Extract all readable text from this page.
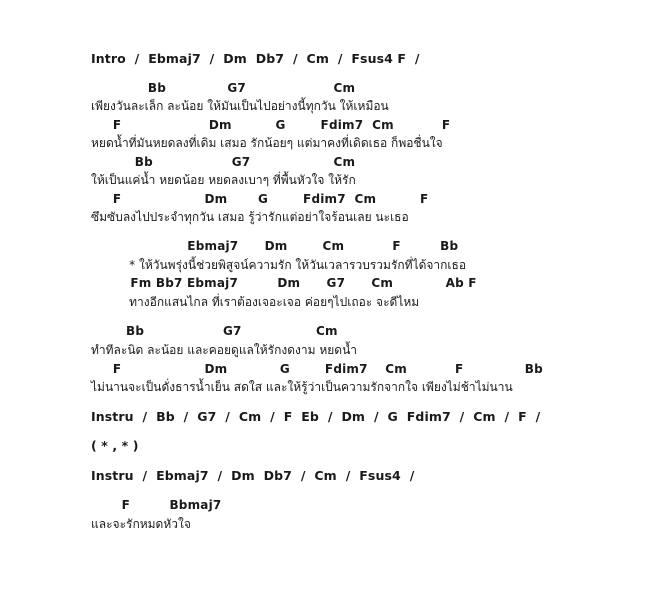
Intro  /  Ebmaj7  /  Dm  Db7  /  Cm  /  Fsus4 F  /
Bb              G7                    Cm
เพียงวันละเล็ก ละน้อย ให้มันเป็นไปอย่างนี้ทุกวัน ให้เหมือน
F                    Dm          G        Fdim7  Cm           F
หยดน้ำที่มันหยดลงที่เดิม เสมอ รักน้อยๆ แต่มาคงที่เดิดเธอ ก็พอชื่นใจ
Bb                  G7                   Cm
ให้เป็นแค่น้ำ หยดน้อย หยดลงเบาๆ ที่พื้นหัวใจ ให้รัก
F                   Dm       G        Fdim7  Cm          F
ซึมซับลงไปประจำทุกวัน เสมอ รู้ว่ารักแต่อย่าใจร้อนเลย นะเธอ
Ebmaj7      Dm        Cm           F         Bb
* ให้วันพรุ่งนี้ช่วยพิสูจน์ความรัก ให้วันเวลารวบรวมรักที่ได้จากเธอ
Fm Bb7 Ebmaj7         Dm      G7      Cm            Ab F
ทางอีกแสนไกล ที่เราต้องเจอะเจอ ค่อยๆไปเถอะ จะดีไหม
Bb                  G7                 Cm
ทำทีละนิด ละน้อย และคอยดูแลให้รักงดงาม หยดน้ำ
F                   Dm            G        Fdim7    Cm           F              Bb
ไม่นานจะเป็นดั่งธารน้ำเย็น สดใส และให้รู้ว่าเป็นความรักจากใจ เพียงไม่ช้าไม่นาน
Instru  /  Bb  /  G7  /  Cm  /  F  Eb  /  Dm  /  G  Fdim7  /  Cm  /  F  /
( * , * )
Instru  /  Ebmaj7  /  Dm  Db7  /  Cm  /  Fsus4  /
F         Bbmaj7
และจะรักหมดหัวใจ
